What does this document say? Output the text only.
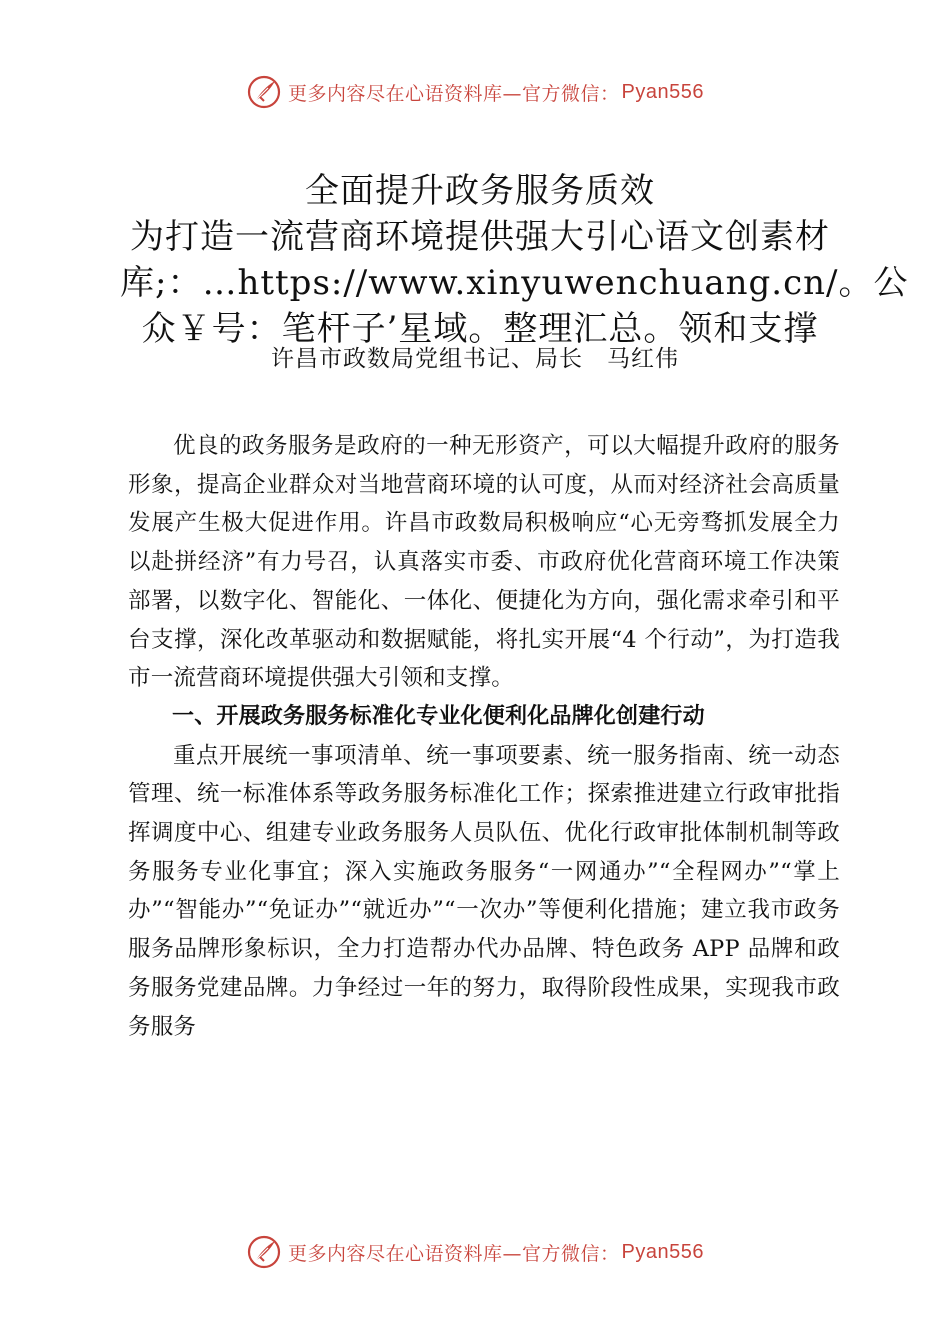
更多内容尽在心语资料库—官方微信： Pyan556
全面提升政务服务质效
为打造一流营商环境提供强大引心语文创素材
库;：…https://www.xinyuwenchuang.cn/。公
众￥号：笔杆子’星域。整理汇总。领和支撑
许昌市政数局党组书记、局长　马红伟

优良的政务服务是政府的一种无形资产，可以大幅提升政府的服务形象，提高企业群众对当地营商环境的认可度，从而对经济社会高质量发展产生极大促进作用。许昌市政数局积极响应“心无旁骛抓发展全力以赴拼经济”有力号召，认真落实市委、市政府优化营商环境工作决策部署，以数字化、智能化、一体化、便捷化为方向，强化需求牵引和平台支撑，深化改革驱动和数据赋能，将扎实开展“4 个行动”，为打造我市一流营商环境提供强大引领和支撑。

一、开展政务服务标准化专业化便利化品牌化创建行动

重点开展统一事项清单、统一事项要素、统一服务指南、统一动态管理、统一标准体系等政务服务标准化工作；探索推进建立行政审批指挥调度中心、组建专业政务服务人员队伍、优化行政审批体制机制等政务服务专业化事宜；深入实施政务服务“一网通办”“全程网办”“掌上办”“智能办”“免证办”“就近办”“一次办”等便利化措施；建立我市政务服务品牌形象标识，全力打造帮办代办品牌、特色政务 APP 品牌和政务服务党建品牌。力争经过一年的努力，取得阶段性成果，实现我市政务服务

更多内容尽在心语资料库—官方微信： Pyan556
